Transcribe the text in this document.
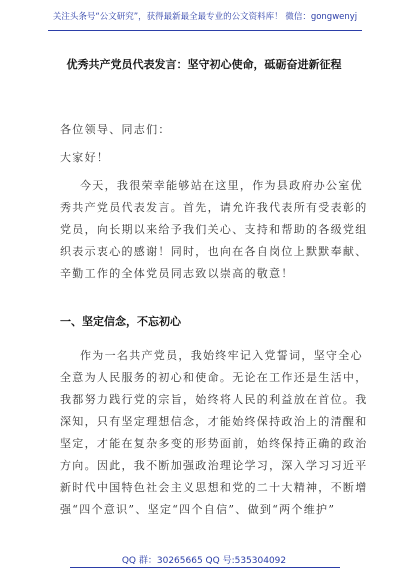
关注头条号“公文研究”，获得最新最全最专业的公文资料库！ 微信：gongwenyj
优秀共产党员代表发言：坚守初心使命，砥砺奋进新征程
各位领导、同志们：
大家好！
今天，我很荣幸能够站在这里，作为县政府办公室优
秀共产党员代表发言。首先，请允许我代表所有受表彰的
党员，向长期以来给予我们关心、支持和帮助的各级党组
织表示衷心的感谢！同时，也向在各自岗位上默默奉献、
辛勤工作的全体党员同志致以崇高的敬意！
一、坚定信念，不忘初心
作为一名共产党员，我始终牢记入党誓词，坚守全心
全意为人民服务的初心和使命。无论在工作还是生活中，
我都努力践行党的宗旨，始终将人民的利益放在首位。我
深知，只有坚定理想信念，才能始终保持政治上的清醒和
坚定，才能在复杂多变的形势面前，始终保持正确的政治
方向。因此，我不断加强政治理论学习，深入学习习近平
新时代中国特色社会主义思想和党的二十大精神，不断增
强“四个意识”、坚定“四个自信”、做到“两个维护”
QQ 群：30265665 QQ 号:535304092
